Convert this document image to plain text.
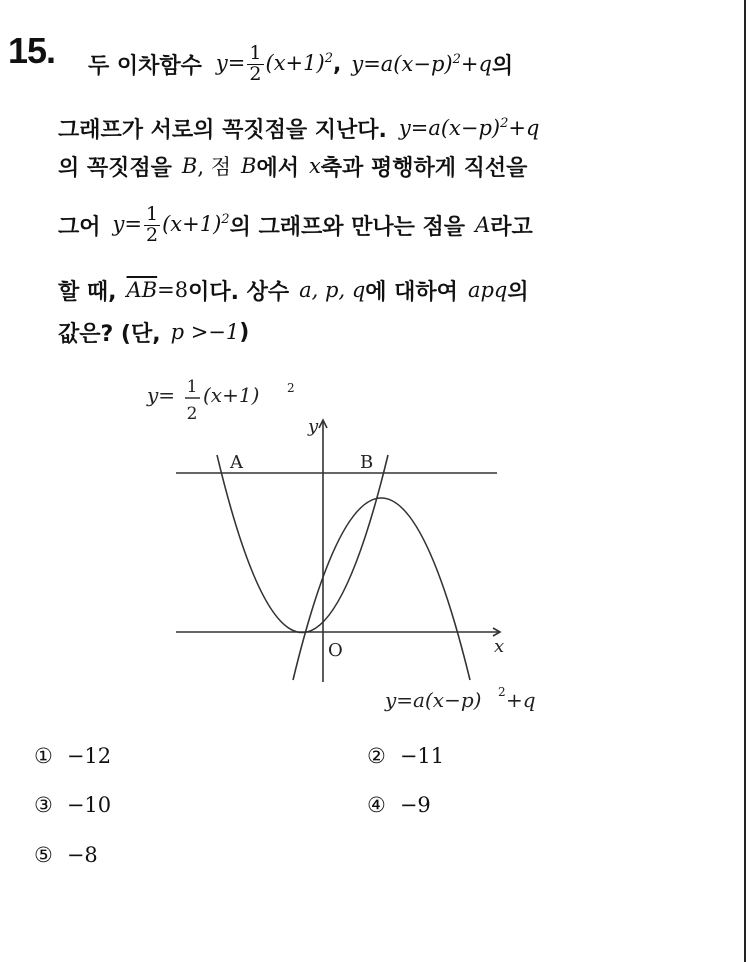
15. 두 이차함수 $y= \frac{1}{2} (x+1)^2$ , $y=a(x-p)^2+q$ 의
그래프가 서로의 꼭짓점을 지난다. $y=a(x-p)^2+q$
의 꼭짓점을 B , 점 B 에서 x 축과 평행하게 직선을
그어 $y= \frac{1}{2} (x+1)^2$ 의 그래프와 만나는 점을 A 라고
할 때, $\overline{AB} = 8$ 이다. 상수 a, p, q 에 대하여 apq 의
값은? (단, p >−1 )
y= 1
2
(x+1) 2
y=a(x−p) 2 +q
y
x
O
A	B
① −12	② −11
③ −10	④ −9
⑤ −8
